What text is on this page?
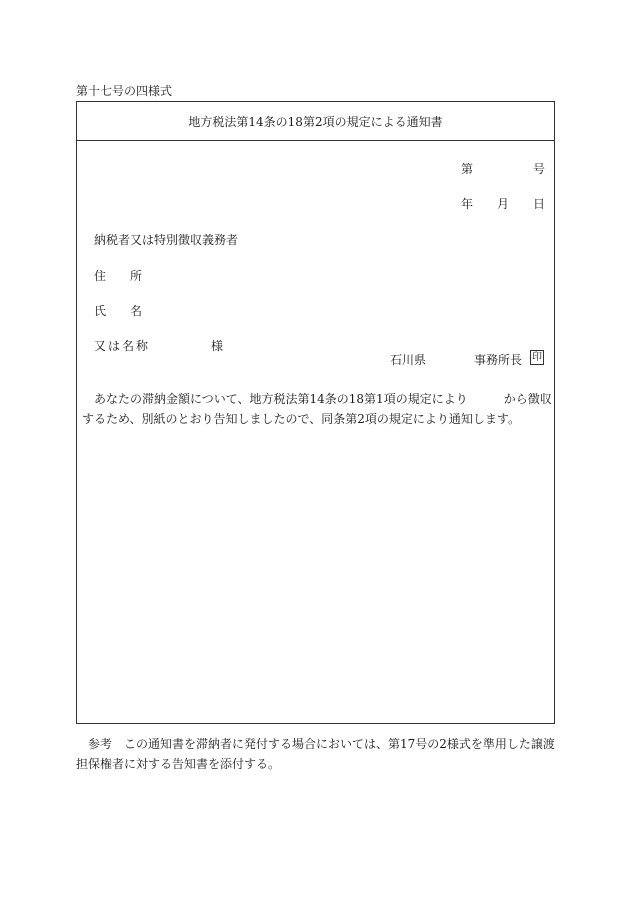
第十七号の四様式
地方税法第14条の18第2項の規定による通知書
第	号
年 月 日
納税者又は特別徴収義務者
住　　所
氏　　名
又は名称	様
石川県	事務所長 印
　あなたの滞納金額について、地方税法第14条の18第1項の規定により　　　から徴収するため、別紙のとおり告知しましたので、同条第2項の規定により通知します。
　参考　この通知書を滞納者に発付する場合においては、第17号の2様式を準用した譲渡担保権者に対する告知書を添付する。
